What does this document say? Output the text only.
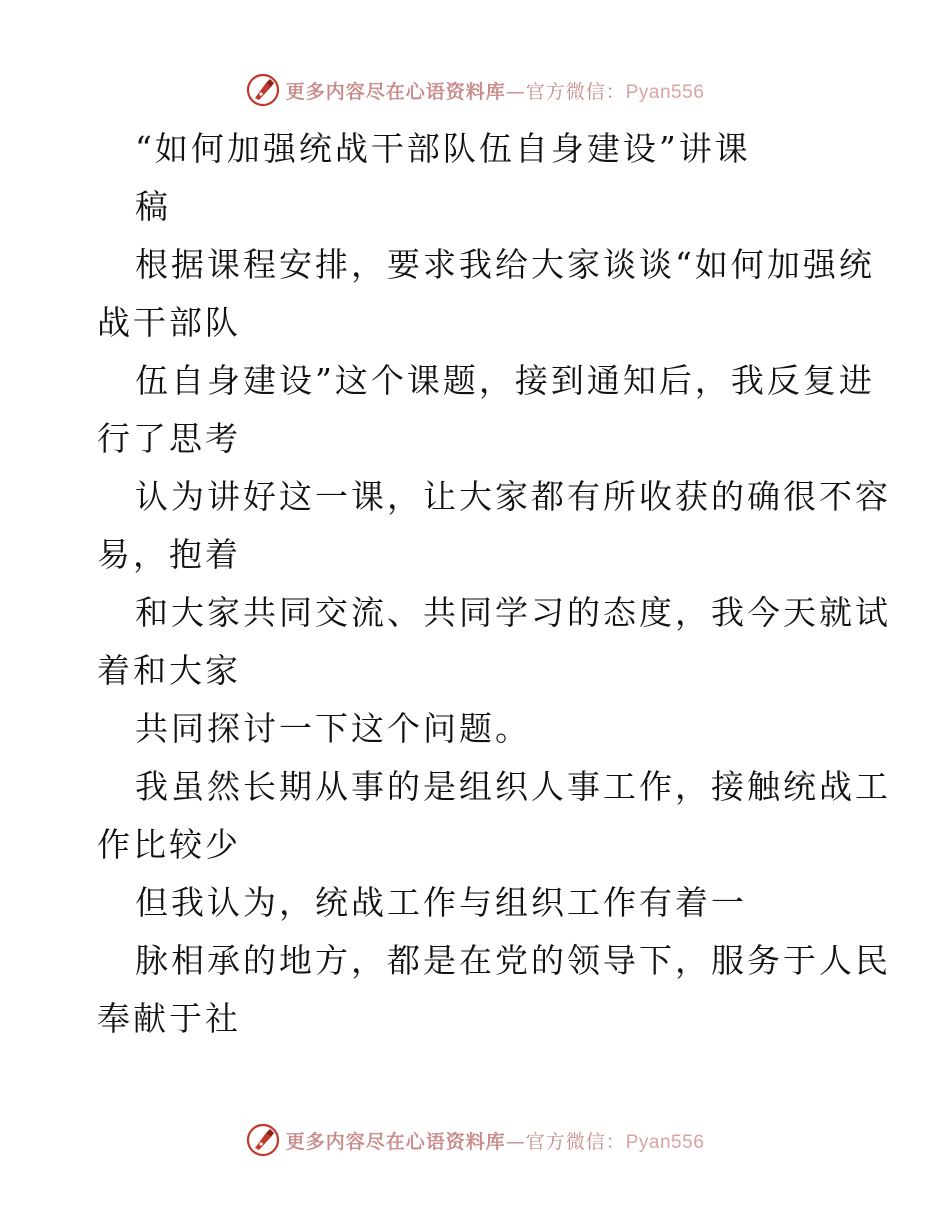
更多内容尽在心语资料库—官方微信：Pyan556
“如何加强统战干部队伍自身建设”讲课
稿
根据课程安排，要求我给大家谈谈“如何加强统
战干部队
伍自身建设”这个课题，接到通知后，我反复进
行了思考
认为讲好这一课，让大家都有所收获的确很不容
易，抱着
和大家共同交流、共同学习的态度，我今天就试
着和大家
共同探讨一下这个问题。
我虽然长期从事的是组织人事工作，接触统战工
作比较少
但我认为，统战工作与组织工作有着一
脉相承的地方，都是在党的领导下，服务于人民
奉献于社
更多内容尽在心语资料库—官方微信：Pyan556
